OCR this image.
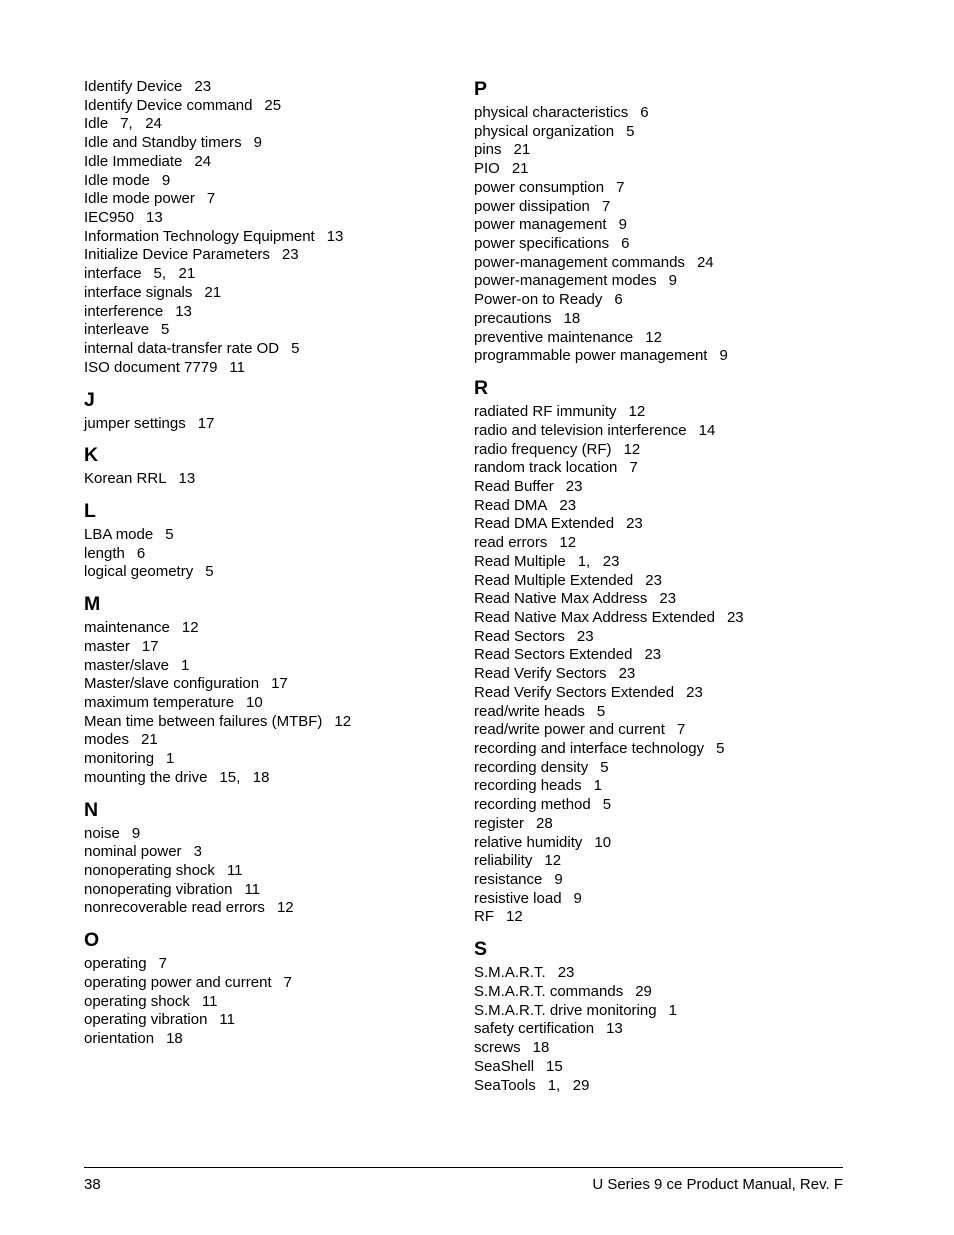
Identify Device 23
Identify Device command 25
Idle 7,   24
Idle and Standby timers 9
Idle Immediate 24
Idle mode 9
Idle mode power 7
IEC950 13
Information Technology Equipment 13
Initialize Device Parameters 23
interface 5,   21
interface signals 21
interference 13
interleave 5
internal data-transfer rate OD 5
ISO document 7779 11
J
jumper settings 17
K
Korean RRL 13
L
LBA mode 5
length 6
logical geometry 5
M
maintenance 12
master 17
master/slave 1
Master/slave configuration 17
maximum temperature 10
Mean time between failures (MTBF) 12
modes 21
monitoring 1
mounting the drive 15,   18
N
noise 9
nominal power 3
nonoperating shock 11
nonoperating vibration 11
nonrecoverable read errors 12
O
operating 7
operating power and current 7
operating shock 11
operating vibration 11
orientation 18
P
physical characteristics 6
physical organization 5
pins 21
PIO 21
power consumption 7
power dissipation 7
power management 9
power specifications 6
power-management commands 24
power-management modes 9
Power-on to Ready 6
precautions 18
preventive maintenance 12
programmable power management 9
R
radiated RF immunity 12
radio and television interference 14
radio frequency (RF) 12
random track location 7
Read Buffer 23
Read DMA 23
Read DMA Extended 23
read errors 12
Read Multiple 1,   23
Read Multiple Extended 23
Read Native Max Address 23
Read Native Max Address Extended 23
Read Sectors 23
Read Sectors Extended 23
Read Verify Sectors 23
Read Verify Sectors Extended 23
read/write heads 5
read/write power and current 7
recording and interface technology 5
recording density 5
recording heads 1
recording method 5
register 28
relative humidity 10
reliability 12
resistance 9
resistive load 9
RF 12
S
S.M.A.R.T. 23
S.M.A.R.T. commands 29
S.M.A.R.T. drive monitoring 1
safety certification 13
screws 18
SeaShell 15
SeaTools 1,   29
38	U Series 9 ce Product Manual, Rev. F
